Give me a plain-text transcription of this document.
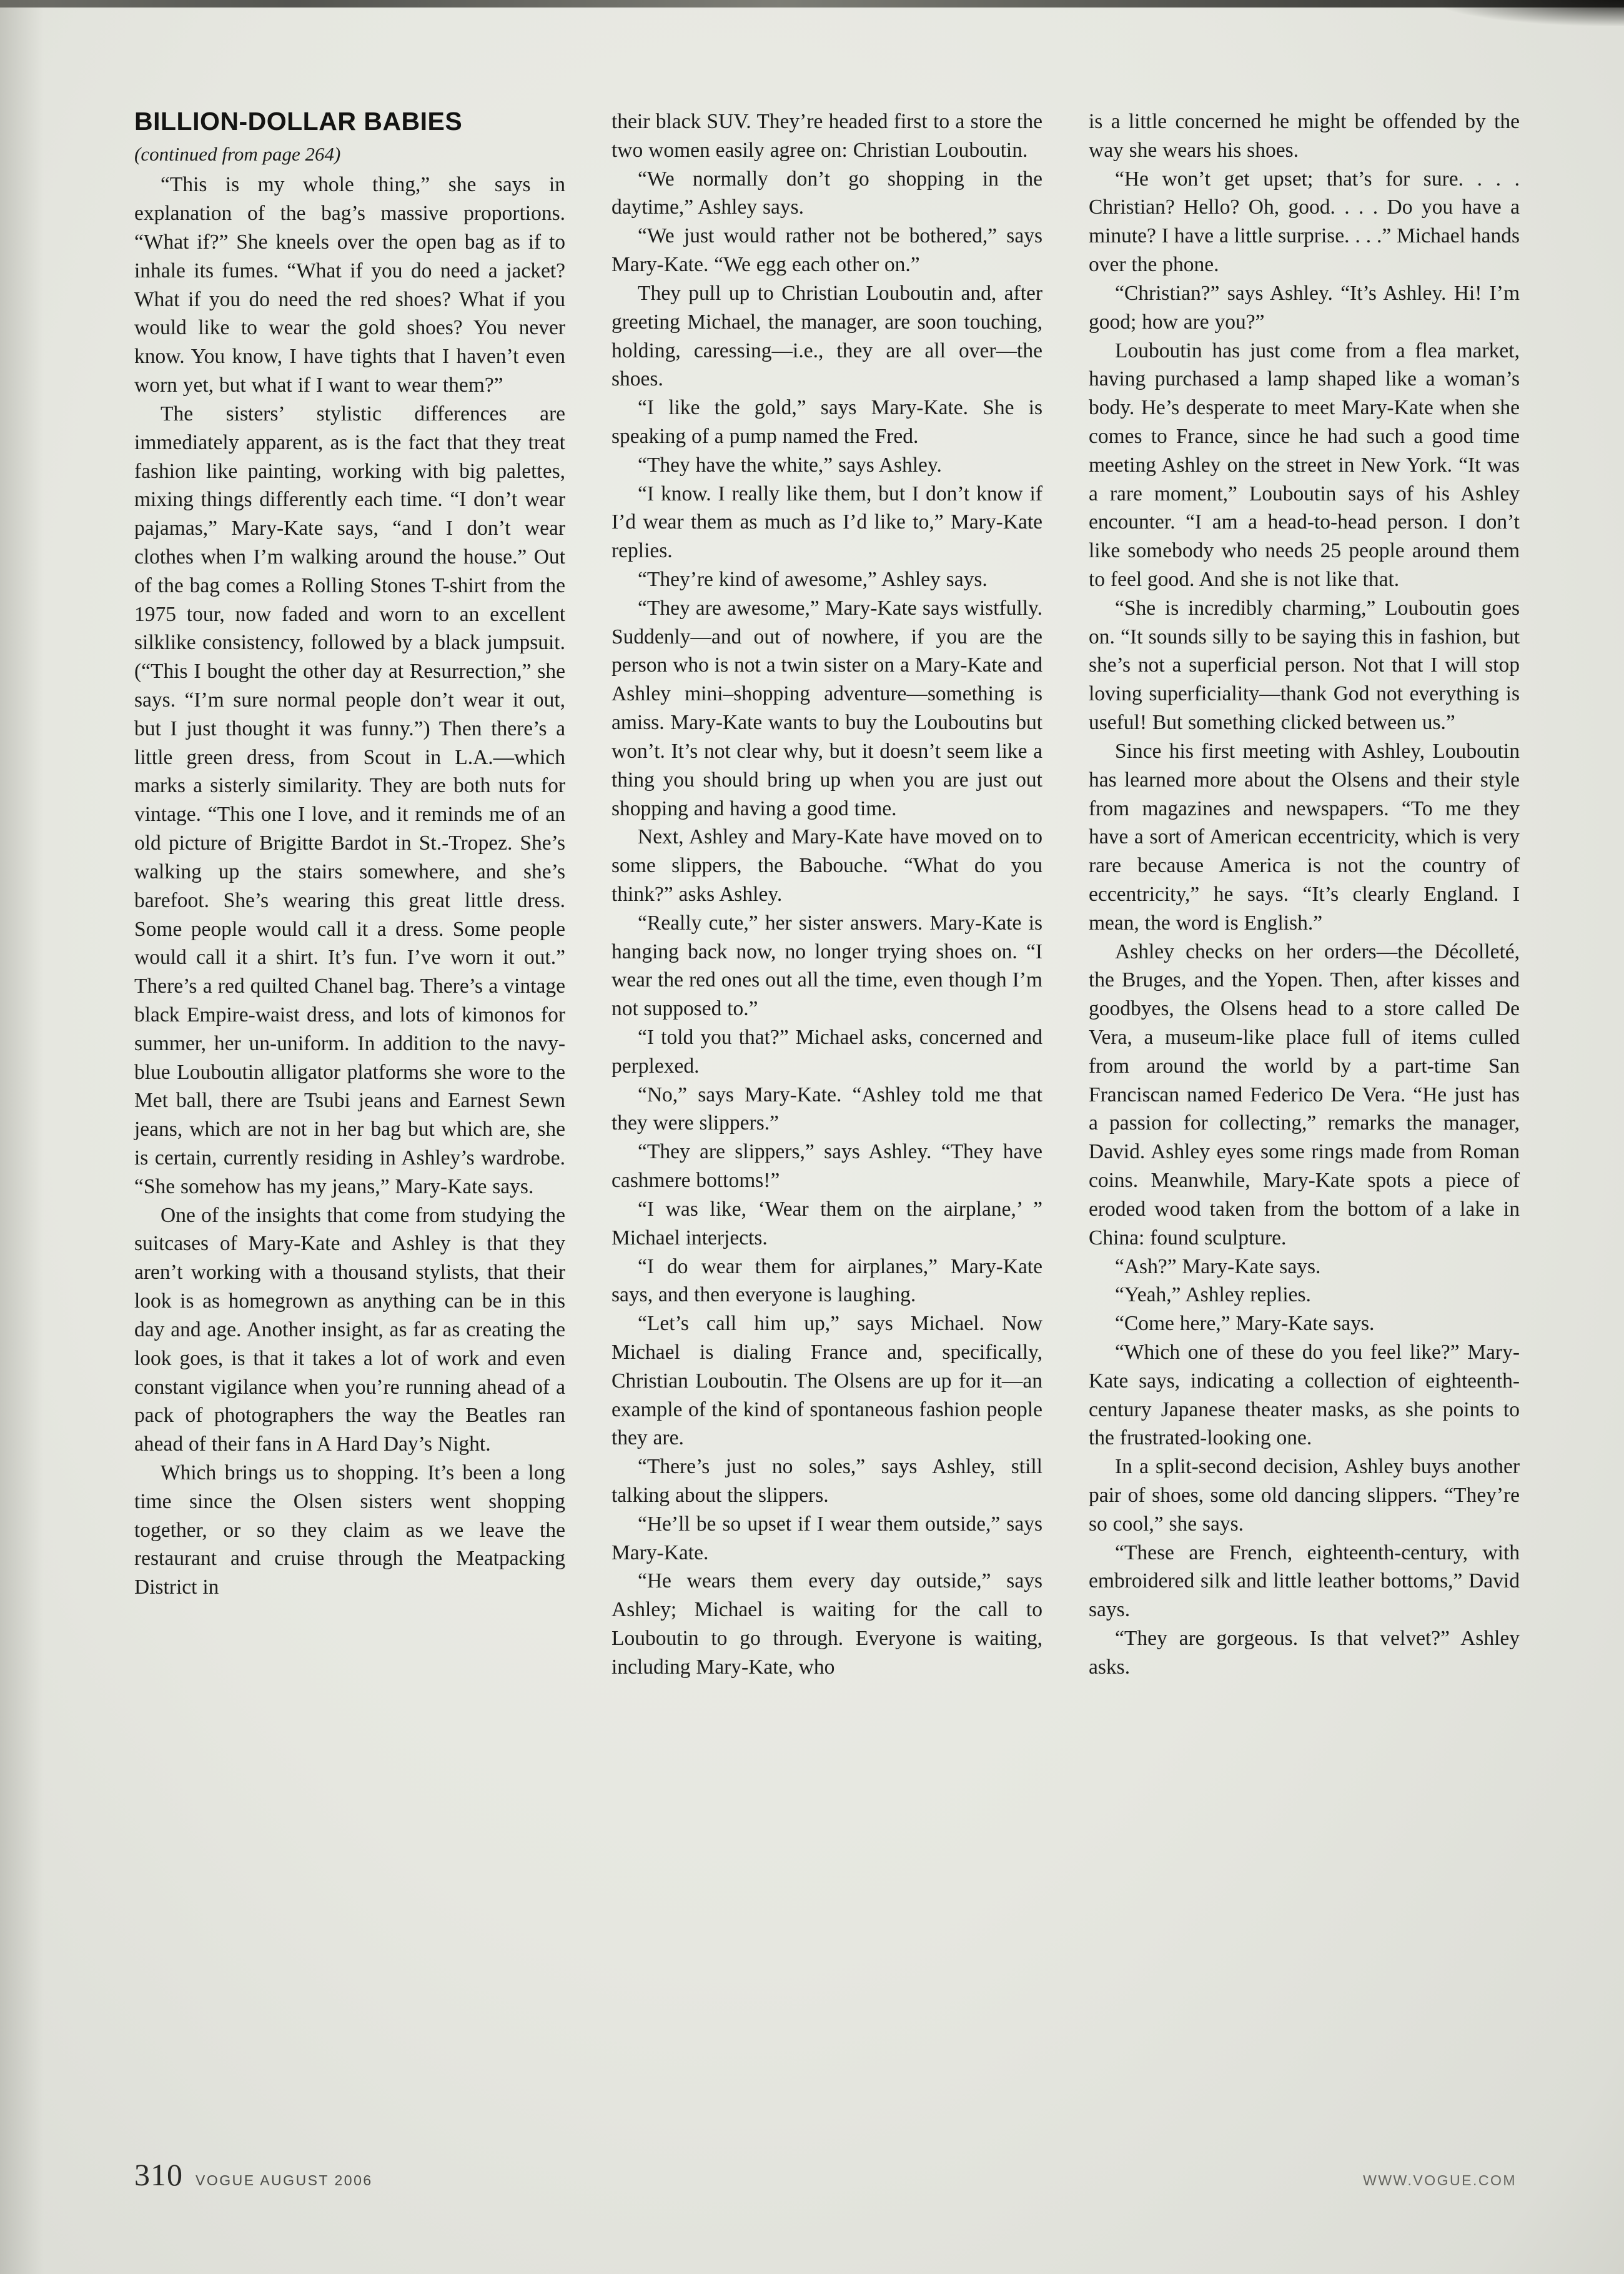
BILLION-DOLLAR BABIES

(continued from page 264)

“This is my whole thing,” she says in explanation of the bag’s massive proportions. “What if?” She kneels over the open bag as if to inhale its fumes. “What if you do need a jacket? What if you do need the red shoes? What if you would like to wear the gold shoes? You never know. You know, I have tights that I haven’t even worn yet, but what if I want to wear them?”

The sisters’ stylistic differences are immediately apparent, as is the fact that they treat fashion like painting, working with big palettes, mixing things differently each time. “I don’t wear pajamas,” Mary-Kate says, “and I don’t wear clothes when I’m walking around the house.” Out of the bag comes a Rolling Stones T-shirt from the 1975 tour, now faded and worn to an excellent silklike consistency, followed by a black jumpsuit. (“This I bought the other day at Resurrection,” she says. “I’m sure normal people don’t wear it out, but I just thought it was funny.”) Then there’s a little green dress, from Scout in L.A.—which marks a sisterly similarity. They are both nuts for vintage. “This one I love, and it reminds me of an old picture of Brigitte Bardot in St.-Tropez. She’s walking up the stairs somewhere, and she’s barefoot. She’s wearing this great little dress. Some people would call it a dress. Some people would call it a shirt. It’s fun. I’ve worn it out.” There’s a red quilted Chanel bag. There’s a vintage black Empire-waist dress, and lots of kimonos for summer, her un-uniform. In addition to the navy-blue Louboutin alligator platforms she wore to the Met ball, there are Tsubi jeans and Earnest Sewn jeans, which are not in her bag but which are, she is certain, currently residing in Ashley’s wardrobe. “She somehow has my jeans,” Mary-Kate says.

One of the insights that come from studying the suitcases of Mary-Kate and Ashley is that they aren’t working with a thousand stylists, that their look is as homegrown as anything can be in this day and age. Another insight, as far as creating the look goes, is that it takes a lot of work and even constant vigilance when you’re running ahead of a pack of photographers the way the Beatles ran ahead of their fans in A Hard Day’s Night.

Which brings us to shopping. It’s been a long time since the Olsen sisters went shopping together, or so they claim as we leave the restaurant and cruise through the Meatpacking District in

their black SUV. They’re headed first to a store the two women easily agree on: Christian Louboutin.

“We normally don’t go shopping in the daytime,” Ashley says.

“We just would rather not be bothered,” says Mary-Kate. “We egg each other on.”

They pull up to Christian Louboutin and, after greeting Michael, the manager, are soon touching, holding, caressing—i.e., they are all over—the shoes.

“I like the gold,” says Mary-Kate. She is speaking of a pump named the Fred.

“They have the white,” says Ashley.

“I know. I really like them, but I don’t know if I’d wear them as much as I’d like to,” Mary-Kate replies.

“They’re kind of awesome,” Ashley says.

“They are awesome,” Mary-Kate says wistfully. Suddenly—and out of nowhere, if you are the person who is not a twin sister on a Mary-Kate and Ashley mini–shopping adventure—something is amiss. Mary-Kate wants to buy the Louboutins but won’t. It’s not clear why, but it doesn’t seem like a thing you should bring up when you are just out shopping and having a good time.

Next, Ashley and Mary-Kate have moved on to some slippers, the Babouche. “What do you think?” asks Ashley.

“Really cute,” her sister answers. Mary-Kate is hanging back now, no longer trying shoes on. “I wear the red ones out all the time, even though I’m not supposed to.”

“I told you that?” Michael asks, concerned and perplexed.

“No,” says Mary-Kate. “Ashley told me that they were slippers.”

“They are slippers,” says Ashley. “They have cashmere bottoms!”

“I was like, ‘Wear them on the airplane,’ ” Michael interjects.

“I do wear them for airplanes,” Mary-Kate says, and then everyone is laughing.

“Let’s call him up,” says Michael. Now Michael is dialing France and, specifically, Christian Louboutin. The Olsens are up for it—an example of the kind of spontaneous fashion people they are.

“There’s just no soles,” says Ashley, still talking about the slippers.

“He’ll be so upset if I wear them outside,” says Mary-Kate.

“He wears them every day outside,” says Ashley; Michael is waiting for the call to Louboutin to go through. Everyone is waiting, including Mary-Kate, who

is a little concerned he might be offended by the way she wears his shoes.

“He won’t get upset; that’s for sure. . . . Christian? Hello? Oh, good. . . . Do you have a minute? I have a little surprise. . . .” Michael hands over the phone.

“Christian?” says Ashley. “It’s Ashley. Hi! I’m good; how are you?”

Louboutin has just come from a flea market, having purchased a lamp shaped like a woman’s body. He’s desperate to meet Mary-Kate when she comes to France, since he had such a good time meeting Ashley on the street in New York. “It was a rare moment,” Louboutin says of his Ashley encounter. “I am a head-to-head person. I don’t like somebody who needs 25 people around them to feel good. And she is not like that.

“She is incredibly charming,” Louboutin goes on. “It sounds silly to be saying this in fashion, but she’s not a superficial person. Not that I will stop loving superficiality—thank God not everything is useful! But something clicked between us.”

Since his first meeting with Ashley, Louboutin has learned more about the Olsens and their style from magazines and newspapers. “To me they have a sort of American eccentricity, which is very rare because America is not the country of eccentricity,” he says. “It’s clearly England. I mean, the word is English.”

Ashley checks on her orders—the Décolleté, the Bruges, and the Yopen. Then, after kisses and goodbyes, the Olsens head to a store called De Vera, a museum-like place full of items culled from around the world by a part-time San Franciscan named Federico De Vera. “He just has a passion for collecting,” remarks the manager, David. Ashley eyes some rings made from Roman coins. Meanwhile, Mary-Kate spots a piece of eroded wood taken from the bottom of a lake in China: found sculpture.

“Ash?” Mary-Kate says.

“Yeah,” Ashley replies.

“Come here,” Mary-Kate says.

“Which one of these do you feel like?” Mary-Kate says, indicating a collection of eighteenth-century Japanese theater masks, as she points to the frustrated-looking one.

In a split-second decision, Ashley buys another pair of shoes, some old dancing slippers. “They’re so cool,” she says.

“These are French, eighteenth-century, with embroidered silk and little leather bottoms,” David says.

“They are gorgeous. Is that velvet?” Ashley asks.

310 VOGUE AUGUST 2006	WWW.VOGUE.COM
